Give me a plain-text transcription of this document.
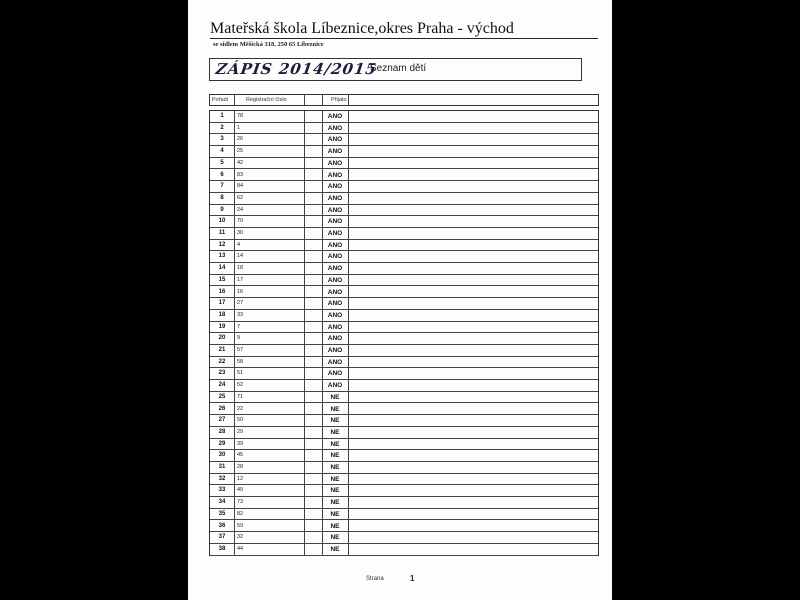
Mateřská škola Líbeznice,okres Praha - východ
se sídlem Měšická 318, 250 65 Líbeznice
ZÁPIS 2014/2015
Seznam dětí
Pořadí	Registrační číslo	Přijato
1	78	ANO
2	1	ANO
3	26	ANO
4	25	ANO
5	42	ANO
6	83	ANO
7	84	ANO
8	62	ANO
9	24	ANO
10	70	ANO
11	30	ANO
12	4	ANO
13	14	ANO
14	18	ANO
15	17	ANO
16	16	ANO
17	27	ANO
18	33	ANO
19	7	ANO
20	9	ANO
21	57	ANO
22	58	ANO
23	51	ANO
24	52	ANO
25	71	NE
26	22	NE
27	50	NE
28	29	NE
29	39	NE
30	45	NE
31	28	NE
32	12	NE
33	49	NE
34	73	NE
35	82	NE
36	59	NE
37	32	NE
38	44	NE
Strana	1
